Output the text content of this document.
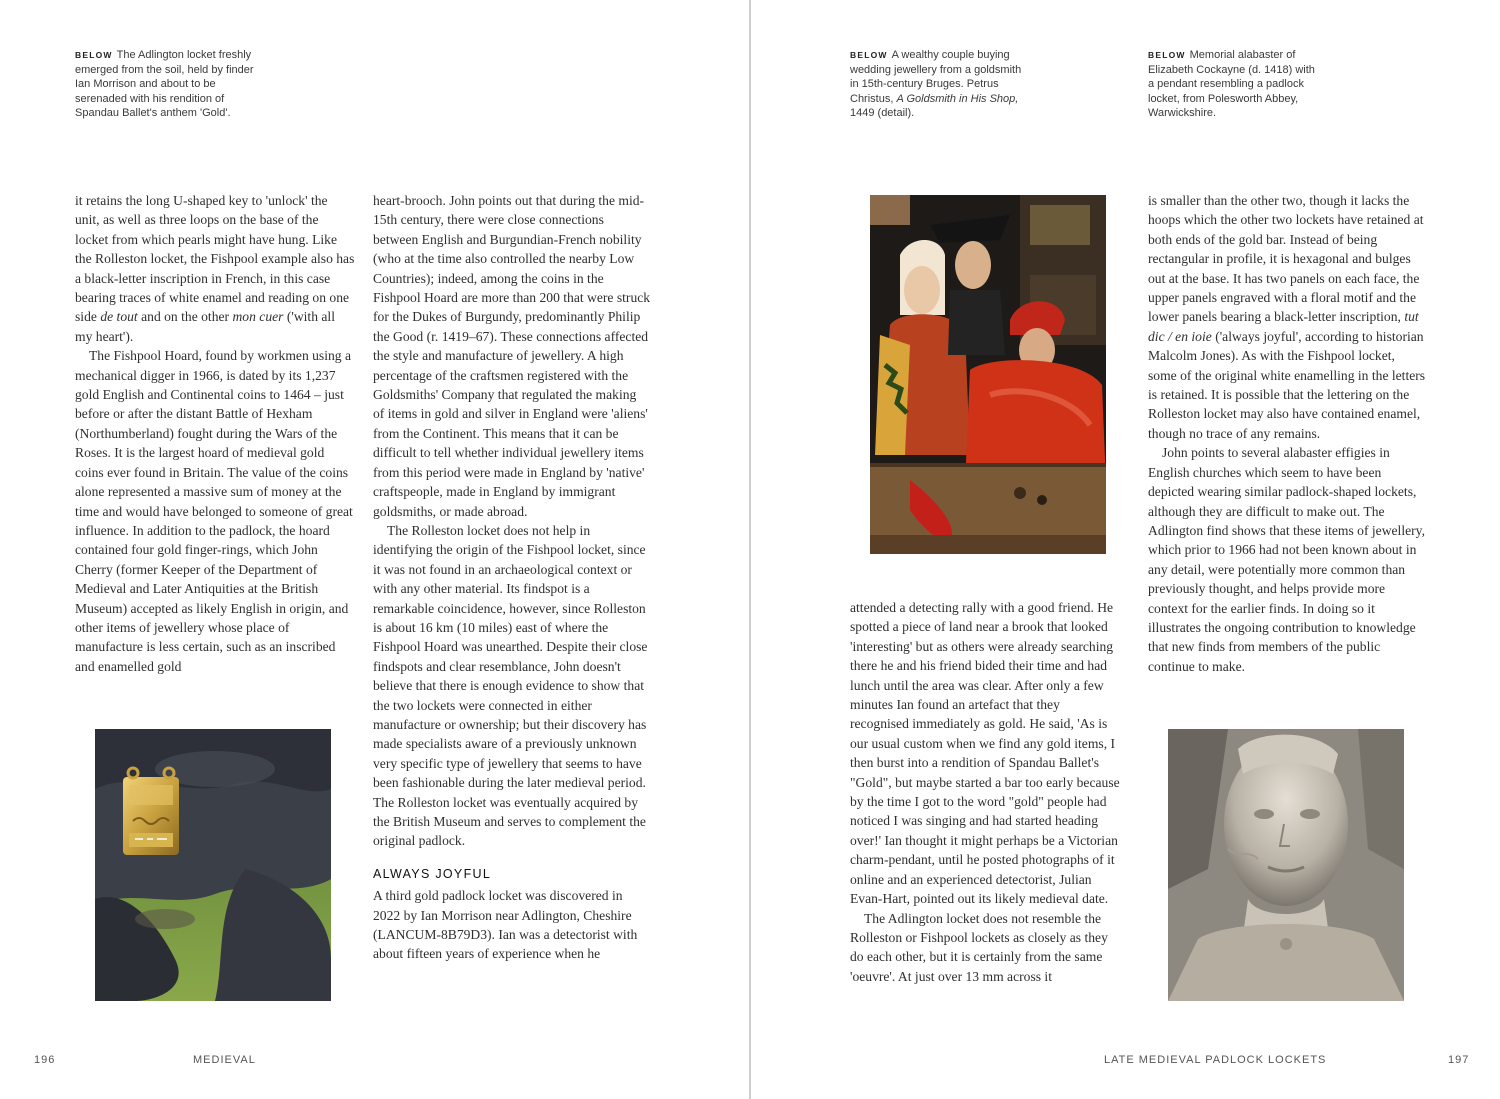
BELOW The Adlington locket freshly emerged from the soil, held by finder Ian Morrison and about to be serenaded with his rendition of Spandau Ballet's anthem 'Gold'.
BELOW A wealthy couple buying wedding jewellery from a goldsmith in 15th-century Bruges. Petrus Christus, A Goldsmith in His Shop, 1449 (detail).
BELOW Memorial alabaster of Elizabeth Cockayne (d. 1418) with a pendant resembling a padlock locket, from Polesworth Abbey, Warwickshire.

it retains the long U-shaped key to 'unlock' the unit, as well as three loops on the base of the locket from which pearls might have hung. Like the Rolleston locket, the Fishpool example also has a black-letter inscription in French, in this case bearing traces of white enamel and reading on one side de tout and on the other mon cuer ('with all my heart').

The Fishpool Hoard, found by workmen using a mechanical digger in 1966, is dated by its 1,237 gold English and Continental coins to 1464 – just before or after the distant Battle of Hexham (Northumberland) fought during the Wars of the Roses. It is the largest hoard of medieval gold coins ever found in Britain. The value of the coins alone represented a massive sum of money at the time and would have belonged to someone of great influence. In addition to the padlock, the hoard contained four gold finger-rings, which John Cherry (former Keeper of the Department of Medieval and Later Antiquities at the British Museum) accepted as likely English in origin, and other items of jewellery whose place of manufacture is less certain, such as an inscribed and enamelled gold

heart-brooch. John points out that during the mid-15th century, there were close connections between English and Burgundian-French nobility (who at the time also controlled the nearby Low Countries); indeed, among the coins in the Fishpool Hoard are more than 200 that were struck for the Dukes of Burgundy, predominantly Philip the Good (r. 1419–67). These connections affected the style and manufacture of jewellery. A high percentage of the craftsmen registered with the Goldsmiths' Company that regulated the making of items in gold and silver in England were 'aliens' from the Continent. This means that it can be difficult to tell whether individual jewellery items from this period were made in England by 'native' craftspeople, made in England by immigrant goldsmiths, or made abroad.

The Rolleston locket does not help in identifying the origin of the Fishpool locket, since it was not found in an archaeological context or with any other material. Its findspot is a remarkable coincidence, however, since Rolleston is about 16 km (10 miles) east of where the Fishpool Hoard was unearthed. Despite their close findspots and clear resemblance, John doesn't believe that there is enough evidence to show that the two lockets were connected in either manufacture or ownership; but their discovery has made specialists aware of a previously unknown very specific type of jewellery that seems to have been fashionable during the later medieval period. The Rolleston locket was eventually acquired by the British Museum and serves to complement the original padlock.

ALWAYS JOYFUL

A third gold padlock locket was discovered in 2022 by Ian Morrison near Adlington, Cheshire (LANCUM-8B79D3). Ian was a detectorist with about fifteen years of experience when he

attended a detecting rally with a good friend. He spotted a piece of land near a brook that looked 'interesting' but as others were already searching there he and his friend bided their time and had lunch until the area was clear. After only a few minutes Ian found an artefact that they recognised immediately as gold. He said, 'As is our usual custom when we find any gold items, I then burst into a rendition of Spandau Ballet's "Gold", but maybe started a bar too early because by the time I got to the word "gold" people had noticed I was singing and had started heading over!' Ian thought it might perhaps be a Victorian charm-pendant, until he posted photographs of it online and an experienced detectorist, Julian Evan-Hart, pointed out its likely medieval date.

The Adlington locket does not resemble the Rolleston or Fishpool lockets as closely as they do each other, but it is certainly from the same 'oeuvre'. At just over 13 mm across it

is smaller than the other two, though it lacks the hoops which the other two lockets have retained at both ends of the gold bar. Instead of being rectangular in profile, it is hexagonal and bulges out at the base. It has two panels on each face, the upper panels engraved with a floral motif and the lower panels bearing a black-letter inscription, tut dic / en ioie ('always joyful', according to historian Malcolm Jones). As with the Fishpool locket, some of the original white enamelling in the letters is retained. It is possible that the lettering on the Rolleston locket may also have contained enamel, though no trace of any remains.

John points to several alabaster effigies in English churches which seem to have been depicted wearing similar padlock-shaped lockets, although they are difficult to make out. The Adlington find shows that these items of jewellery, which prior to 1966 had not been known about in any detail, were potentially more common than previously thought, and helps provide more context for the earlier finds. In doing so it illustrates the ongoing contribution to knowledge that new finds from members of the public continue to make.

196	MEDIEVAL	LATE MEDIEVAL PADLOCK LOCKETS	197
